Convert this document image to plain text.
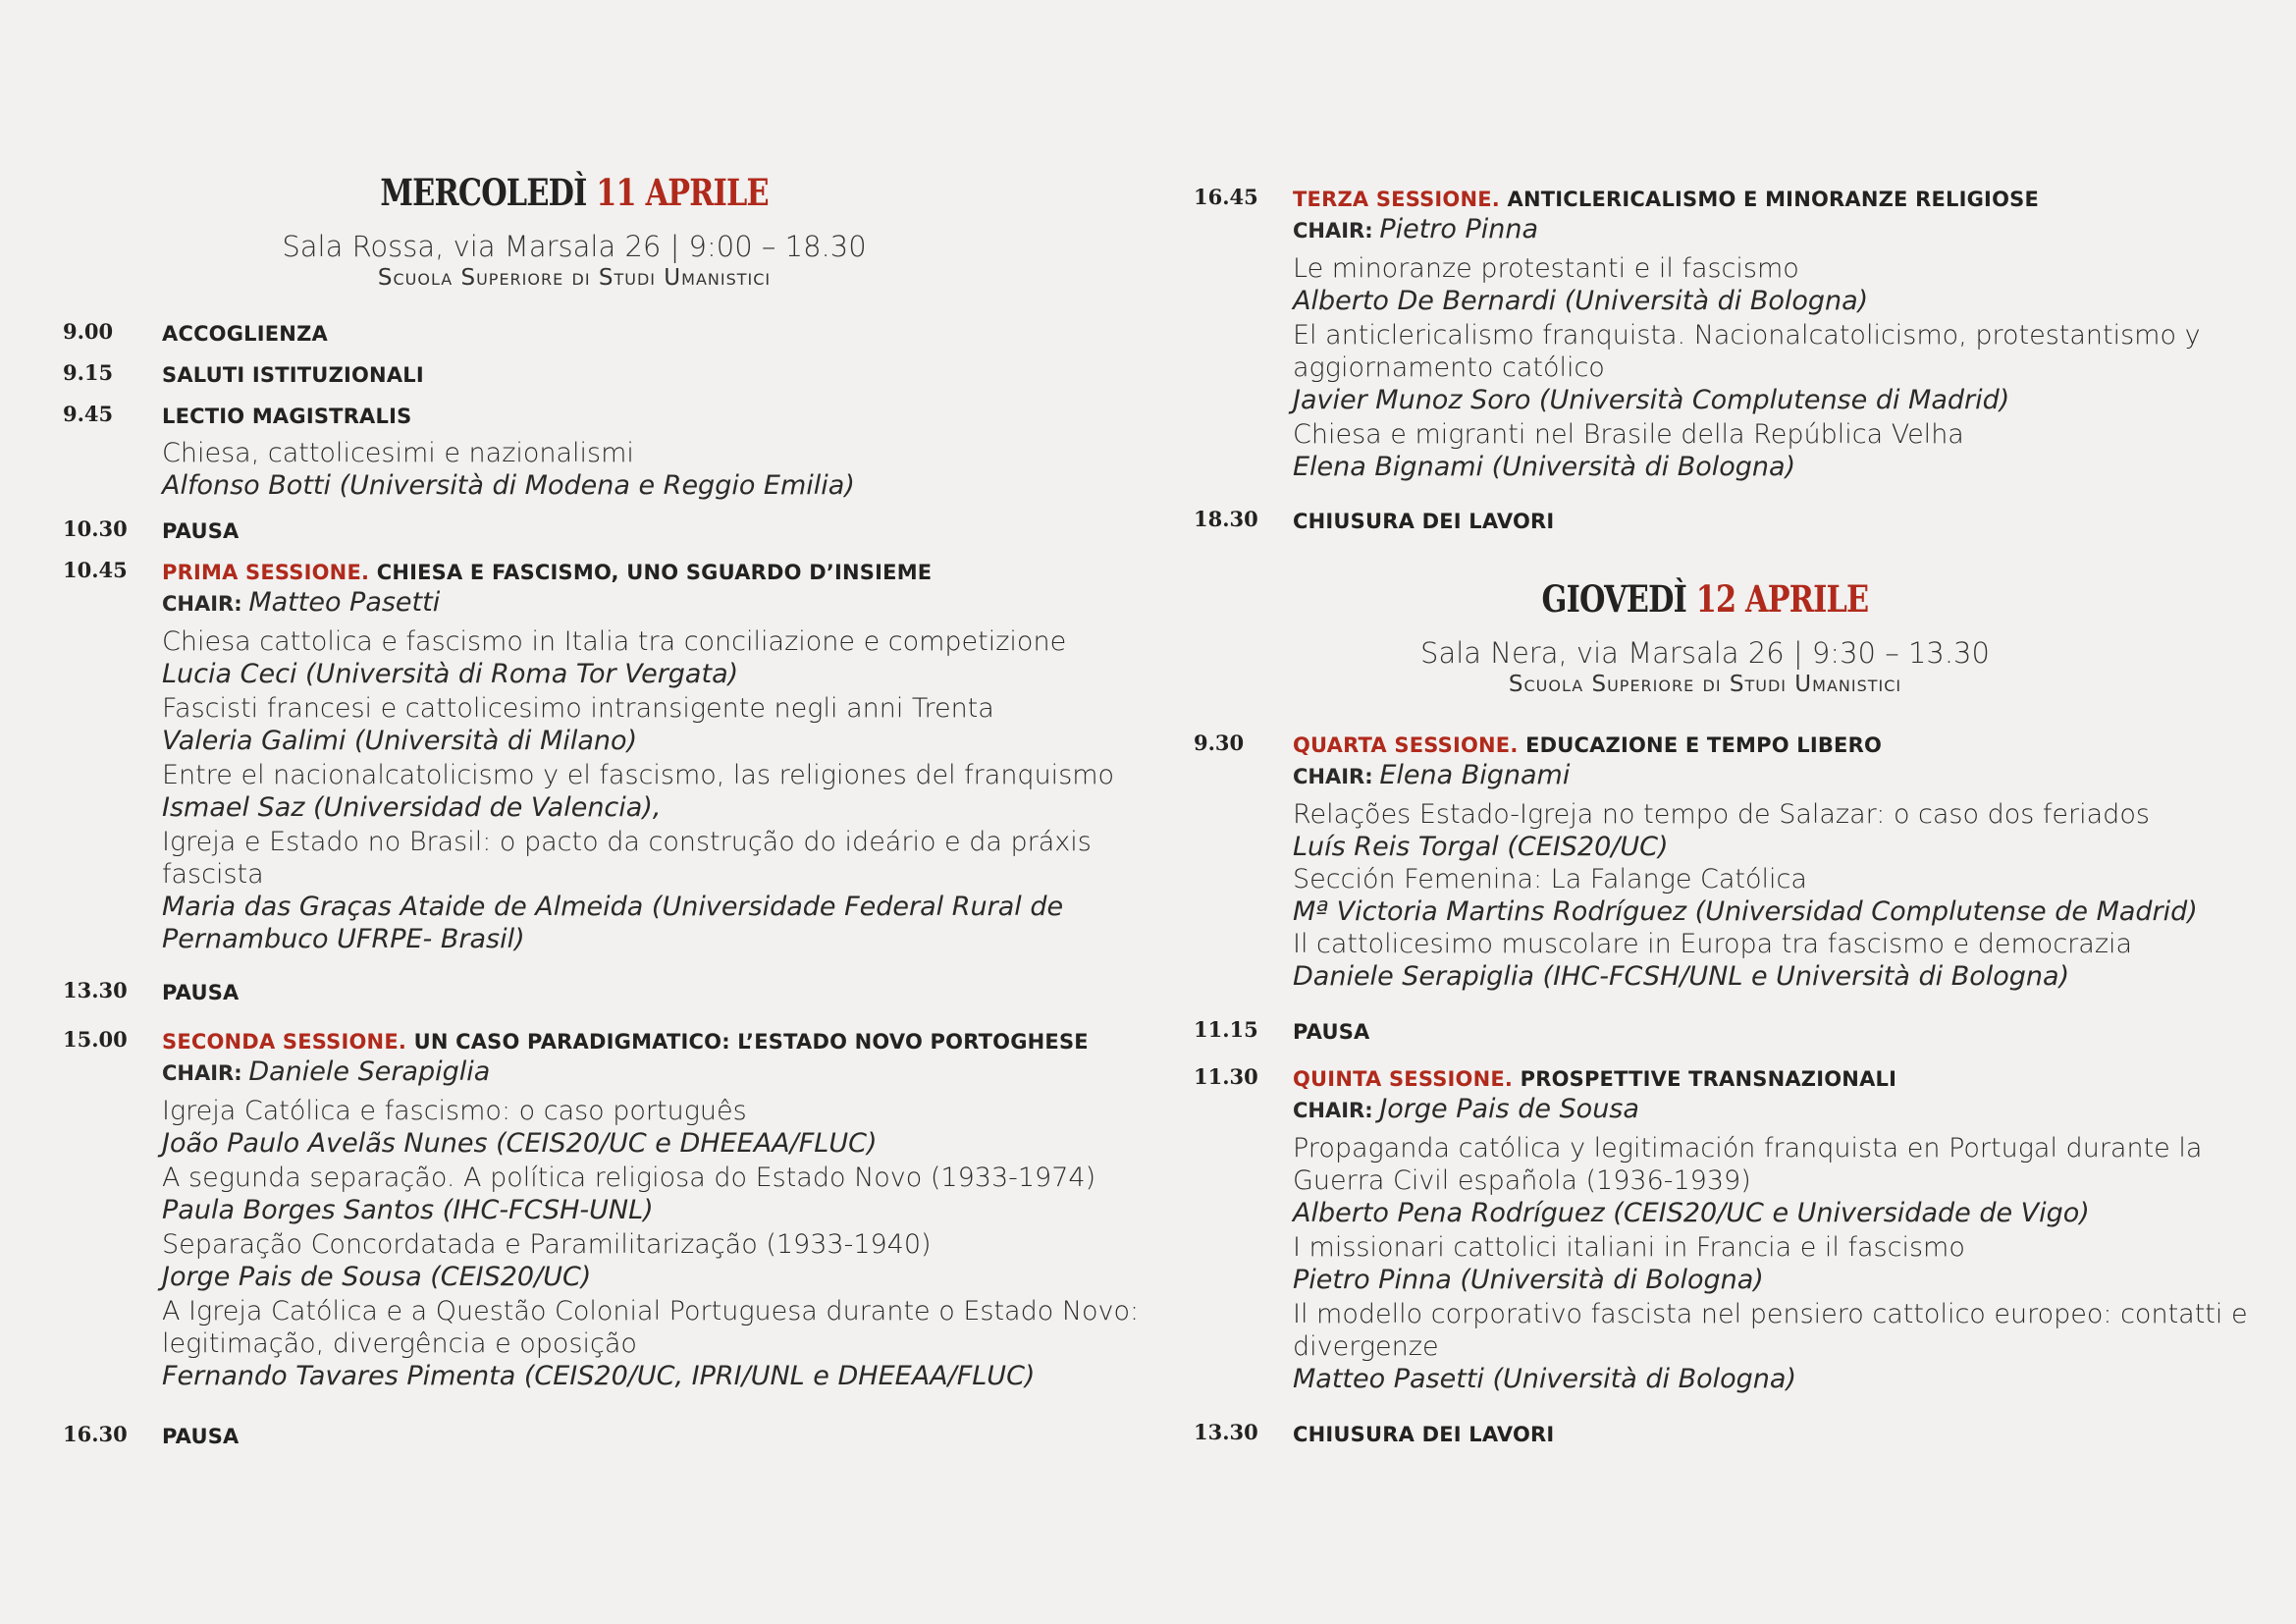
MERCOLEDÌ 11 APRILE
Sala Rossa, via Marsala 26 | 9:00 – 18.30
Scuola Superiore di Studi Umanistici
9.00	ACCOGLIENZA
9.15	SALUTI ISTITUZIONALI
9.45	LECTIO MAGISTRALIS
Chiesa, cattolicesimi e nazionalismi
Alfonso Botti (Università di Modena e Reggio Emilia)
10.30	PAUSA
10.45	PRIMA SESSIONE. CHIESA E FASCISMO, UNO SGUARDO D’INSIEME
CHAIR: Matteo Pasetti
Chiesa cattolica e fascismo in Italia tra conciliazione e competizione
Lucia Ceci (Università di Roma Tor Vergata)
Fascisti francesi e cattolicesimo intransigente negli anni Trenta
Valeria Galimi (Università di Milano)
Entre el nacionalcatolicismo y el fascismo, las religiones del franquismo
Ismael Saz (Universidad de Valencia),
Igreja e Estado no Brasil: o pacto da construção do ideário e da práxis fascista
Maria das Graças Ataide de Almeida (Universidade Federal Rural de Pernambuco UFRPE- Brasil)
13.30	PAUSA
15.00	SECONDA SESSIONE. UN CASO PARADIGMATICO: L’ESTADO NOVO PORTOGHESE
CHAIR: Daniele Serapiglia
Igreja Católica e fascismo: o caso português
João Paulo Avelãs Nunes (CEIS20/UC e DHEEAA/FLUC)
A segunda separação. A política religiosa do Estado Novo (1933-1974)
Paula Borges Santos (IHC-FCSH-UNL)
Separação Concordatada e Paramilitarização (1933-1940)
Jorge Pais de Sousa (CEIS20/UC)
A Igreja Católica e a Questão Colonial Portuguesa durante o Estado Novo: legitimação, divergência e oposição
Fernando Tavares Pimenta (CEIS20/UC, IPRI/UNL e DHEEAA/FLUC)
16.30	PAUSA
16.45	TERZA SESSIONE. ANTICLERICALISMO E MINORANZE RELIGIOSE
CHAIR: Pietro Pinna
Le minoranze protestanti e il fascismo
Alberto De Bernardi (Università di Bologna)
El anticlericalismo franquista. Nacionalcatolicismo, protestantismo y aggiornamento católico
Javier Munoz Soro (Università Complutense di Madrid)
Chiesa e migranti nel Brasile della República Velha
Elena Bignami (Università di Bologna)
18.30	CHIUSURA DEI LAVORI
GIOVEDÌ 12 APRILE
Sala Nera, via Marsala 26 | 9:30 – 13.30
Scuola Superiore di Studi Umanistici
9.30	QUARTA SESSIONE. EDUCAZIONE E TEMPO LIBERO
CHAIR: Elena Bignami
Relações Estado-Igreja no tempo de Salazar: o caso dos feriados
Luís Reis Torgal (CEIS20/UC)
Sección Femenina: La Falange Católica
Mª Victoria Martins Rodríguez (Universidad Complutense de Madrid)
Il cattolicesimo muscolare in Europa tra fascismo e democrazia
Daniele Serapiglia (IHC-FCSH/UNL e Università di Bologna)
11.15	PAUSA
11.30	QUINTA SESSIONE. PROSPETTIVE TRANSNAZIONALI
CHAIR: Jorge Pais de Sousa
Propaganda católica y legitimación franquista en Portugal durante la Guerra Civil española (1936-1939)
Alberto Pena Rodríguez (CEIS20/UC e Universidade de Vigo)
I missionari cattolici italiani in Francia e il fascismo
Pietro Pinna (Università di Bologna)
Il modello corporativo fascista nel pensiero cattolico europeo: contatti e divergenze
Matteo Pasetti (Università di Bologna)
13.30	CHIUSURA DEI LAVORI
